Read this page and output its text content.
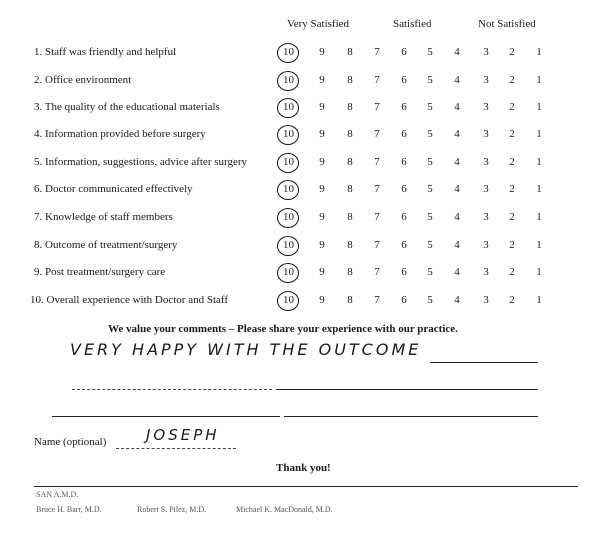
Very Satisfied	Satisfied	Not Satisfied
1. Staff was friendly and helpful	10 9 8 7 6 5 4 3 2 1
2. Office environment	10 9 8 7 6 5 4 3 2 1
3. The quality of the educational materials	10 9 8 7 6 5 4 3 2 1
4. Information provided before surgery	10 9 8 7 6 5 4 3 2 1
5. Information, suggestions, advice after surgery	10 9 8 7 6 5 4 3 2 1
6. Doctor communicated effectively	10 9 8 7 6 5 4 3 2 1
7. Knowledge of staff members	10 9 8 7 6 5 4 3 2 1
8. Outcome of treatment/surgery	10 9 8 7 6 5 4 3 2 1
9. Post treatment/surgery care	10 9 8 7 6 5 4 3 2 1
10. Overall experience with Doctor and Staff	10 9 8 7 6 5 4 3 2 1
We value your comments – Please share your experience with our practice.
VERY HAPPY WITH THE OUTCOME
Name (optional)	JOSEPH
Thank you!
SAN A.M.D.
Bruce H. Barr, M.D.	Robert S. Pilez, M.D.	Michael K. MacDonald, M.D.
